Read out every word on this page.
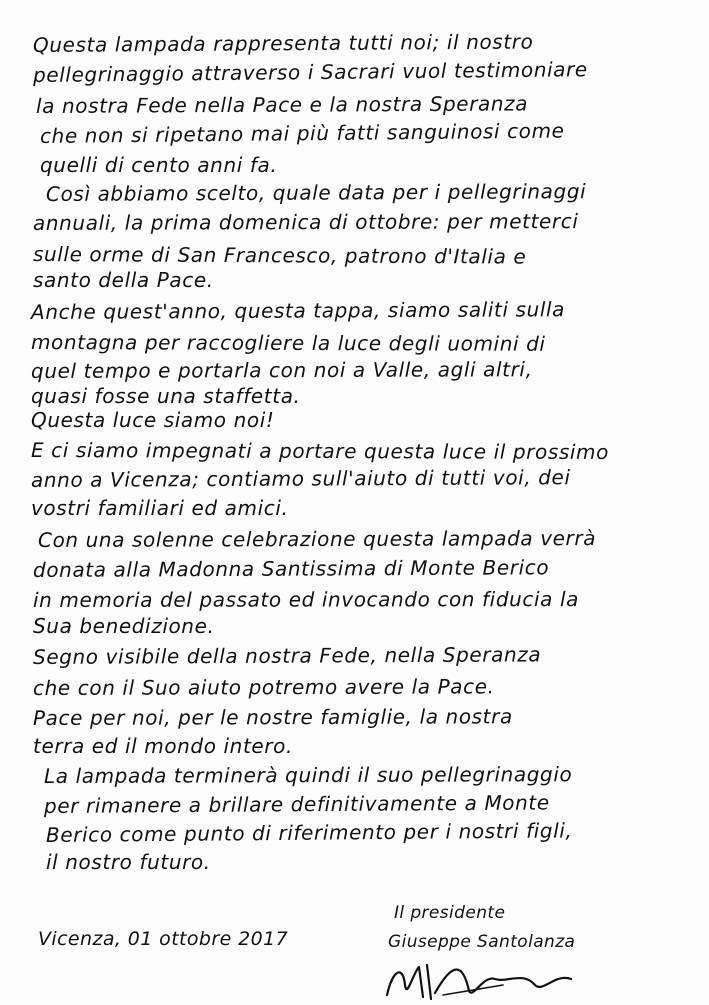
Questa lampada rappresenta tutti noi; il nostro
pellegrinaggio attraverso i Sacrari vuol testimoniare
la nostra Fede nella Pace e la nostra Speranza
che non si ripetano mai più fatti sanguinosi come
quelli di cento anni fa.
Così abbiamo scelto, quale data per i pellegrinaggi
annuali, la prima domenica di ottobre: per metterci
sulle orme di San Francesco, patrono d'Italia e
santo della Pace.
Anche quest'anno, questa tappa, siamo saliti sulla
montagna per raccogliere la luce degli uomini di
quel tempo e portarla con noi a Valle, agli altri,
quasi fosse una staffetta.
Questa luce siamo noi!
E ci siamo impegnati a portare questa luce il prossimo
anno a Vicenza; contiamo sull'aiuto di tutti voi, dei
vostri familiari ed amici.
Con una solenne celebrazione questa lampada verrà
donata alla Madonna Santissima di Monte Berico
in memoria del passato ed invocando con fiducia la
Sua benedizione.
Segno visibile della nostra Fede, nella Speranza
che con il Suo aiuto potremo avere la Pace.
Pace per noi, per le nostre famiglie, la nostra
terra ed il mondo intero.
La lampada terminerà quindi il suo pellegrinaggio
per rimanere a brillare definitivamente a Monte
Berico come punto di riferimento per i nostri figli,
il nostro futuro.
Vicenza, 01 ottobre 2017
Il presidente
Giuseppe Santolanza
